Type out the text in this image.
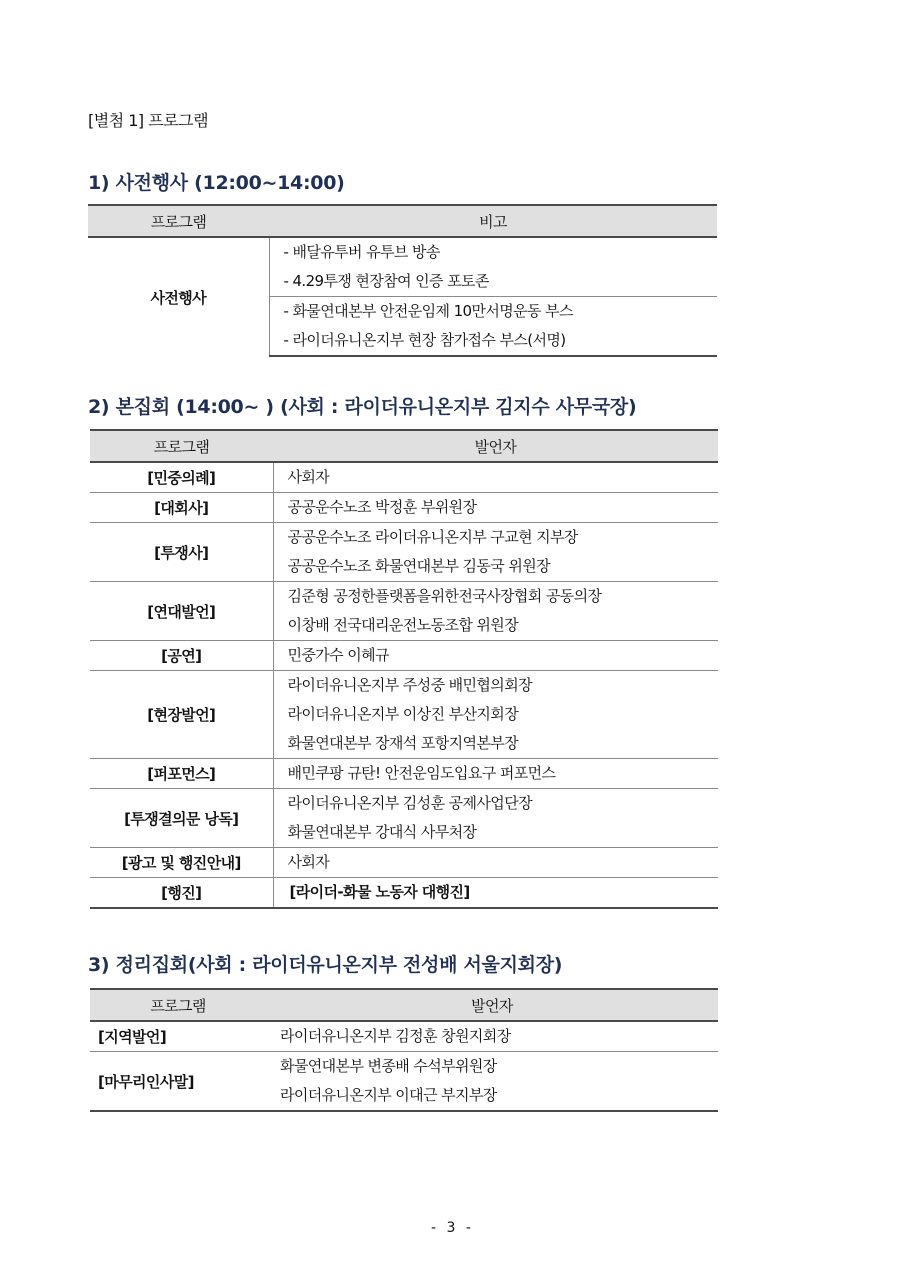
[별첨 1] 프로그램
1) 사전행사 (12:00~14:00)
프로그램	비고
사전행사	- 배달유투버 유투브 방송
- 4.29투쟁 현장참여 인증 포토존

	- 화물연대본부 안전운임제 10만서명운동 부스
- 라이더유니온지부 현장 참가접수 부스(서명)
2) 본집회 (14:00~ ) (사회 : 라이더유니온지부 김지수 사무국장)
프로그램	발언자
[민중의례]	사회자

[대회사]	공공운수노조 박정훈 부위원장

[투쟁사]	공공운수노조 라이더유니온지부 구교현 지부장
공공운수노조 화물연대본부 김동국 위원장

[연대발언]	김준형 공정한플랫폼을위한전국사장협회 공동의장
이창배 전국대리운전노동조합 위원장

[공연]	민중가수 이혜규

[현장발언]	라이더유니온지부 주성중 배민협의회장
라이더유니온지부 이상진 부산지회장
화물연대본부 장재석 포항지역본부장

[퍼포먼스]	배민쿠팡 규탄! 안전운임도입요구 퍼포먼스

[투쟁결의문 낭독]	라이더유니온지부 김성훈 공제사업단장
화물연대본부 강대식 사무처장

[광고 및 행진안내]	사회자

[행진]	[라이더-화물 노동자 대행진]
3) 정리집회(사회 : 라이더유니온지부 전성배 서울지회장)
프로그램	발언자
[지역발언]	라이더유니온지부 김정훈 창원지회장

[마무리인사말]	화물연대본부 변종배 수석부위원장
라이더유니온지부 이대근 부지부장
- 3 -
